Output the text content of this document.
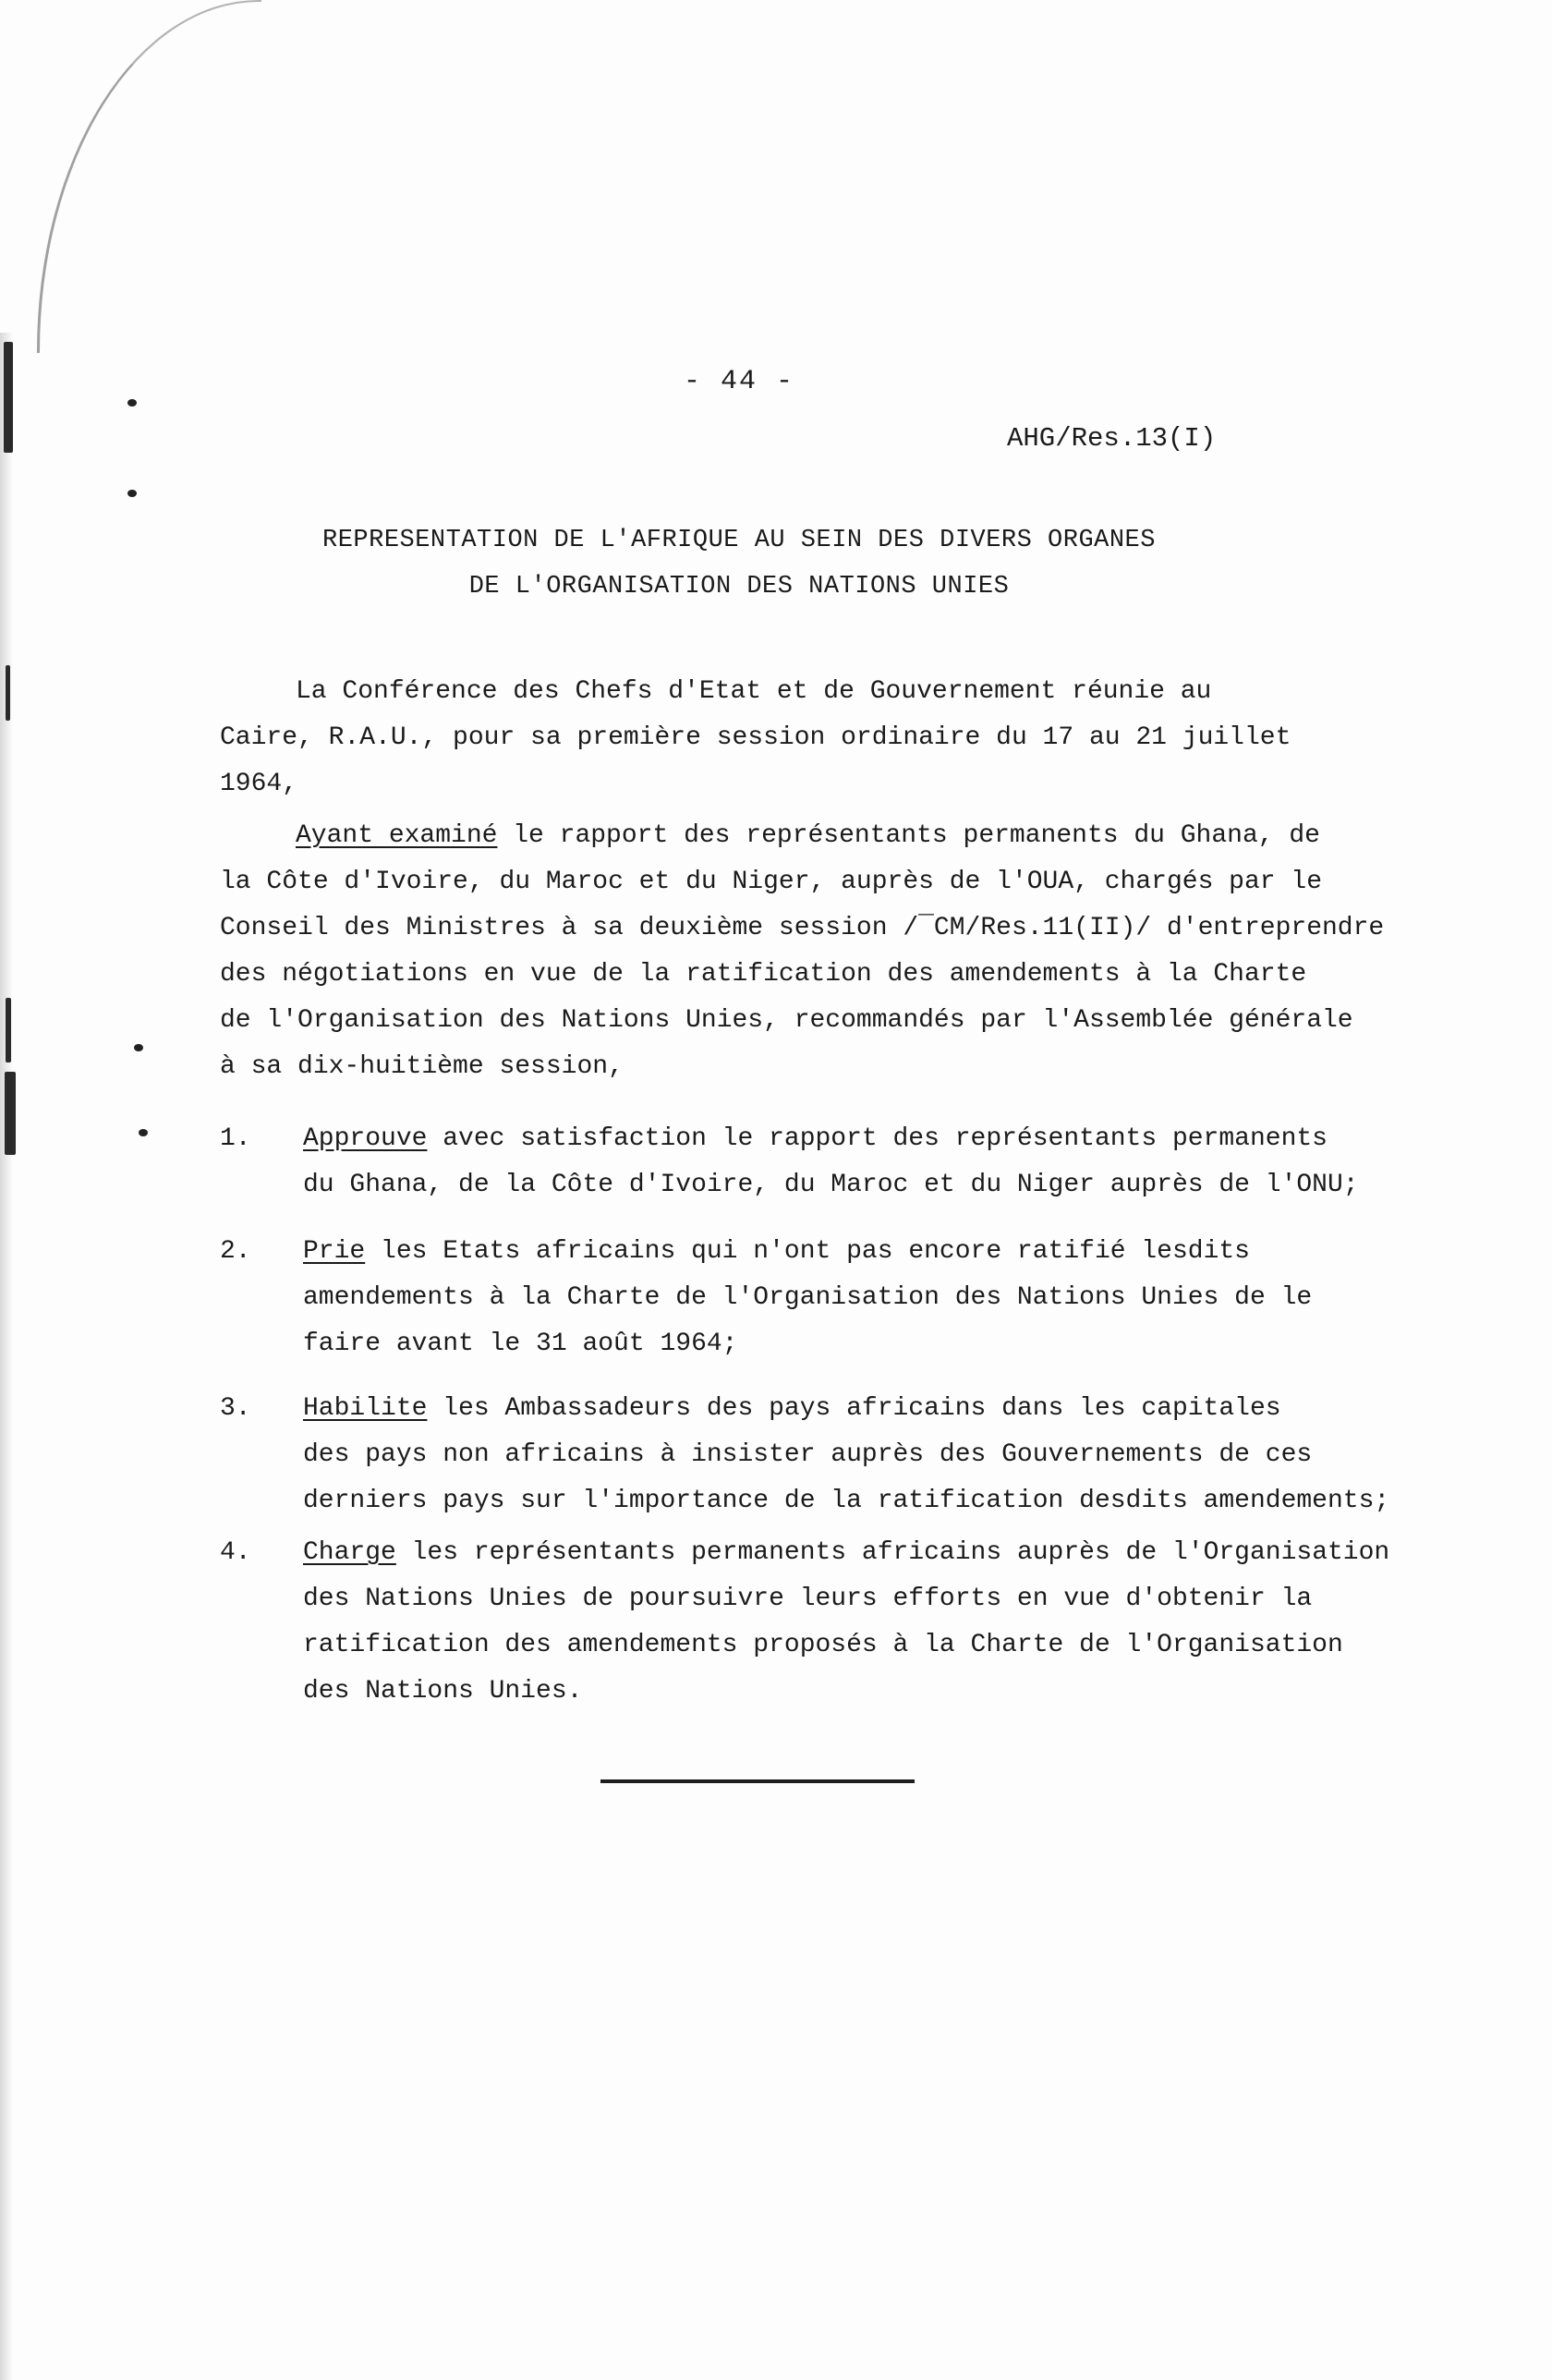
- 44 -
AHG/Res.13(I)
REPRESENTATION DE L'AFRIQUE AU SEIN DES DIVERS ORGANES
DE L'ORGANISATION DES NATIONS UNIES
La Conférence des Chefs d'Etat et de Gouvernement réunie au
Caire, R.A.U., pour sa première session ordinaire du 17 au 21 juillet
1964,
Ayant examiné le rapport des représentants permanents du Ghana, de
la Côte d'Ivoire, du Maroc et du Niger, auprès de l'OUA, chargés par le
Conseil des Ministres à sa deuxième session /¯CM/Res.11(II)/ d'entreprendre
des négotiations en vue de la ratification des amendements à la Charte
de l'Organisation des Nations Unies, recommandés par l'Assemblée générale
à sa dix-huitième session,
1.	Approuve avec satisfaction le rapport des représentants permanents
du Ghana, de la Côte d'Ivoire, du Maroc et du Niger auprès de l'ONU;
2.	Prie les Etats africains qui n'ont pas encore ratifié lesdits
amendements à la Charte de l'Organisation des Nations Unies de le
faire avant le 31 août 1964;
3.	Habilite les Ambassadeurs des pays africains dans les capitales
des pays non africains à insister auprès des Gouvernements de ces
derniers pays sur l'importance de la ratification desdits amendements;
4.	Charge les représentants permanents africains auprès de l'Organisation
des Nations Unies de poursuivre leurs efforts en vue d'obtenir la
ratification des amendements proposés à la Charte de l'Organisation
des Nations Unies.
